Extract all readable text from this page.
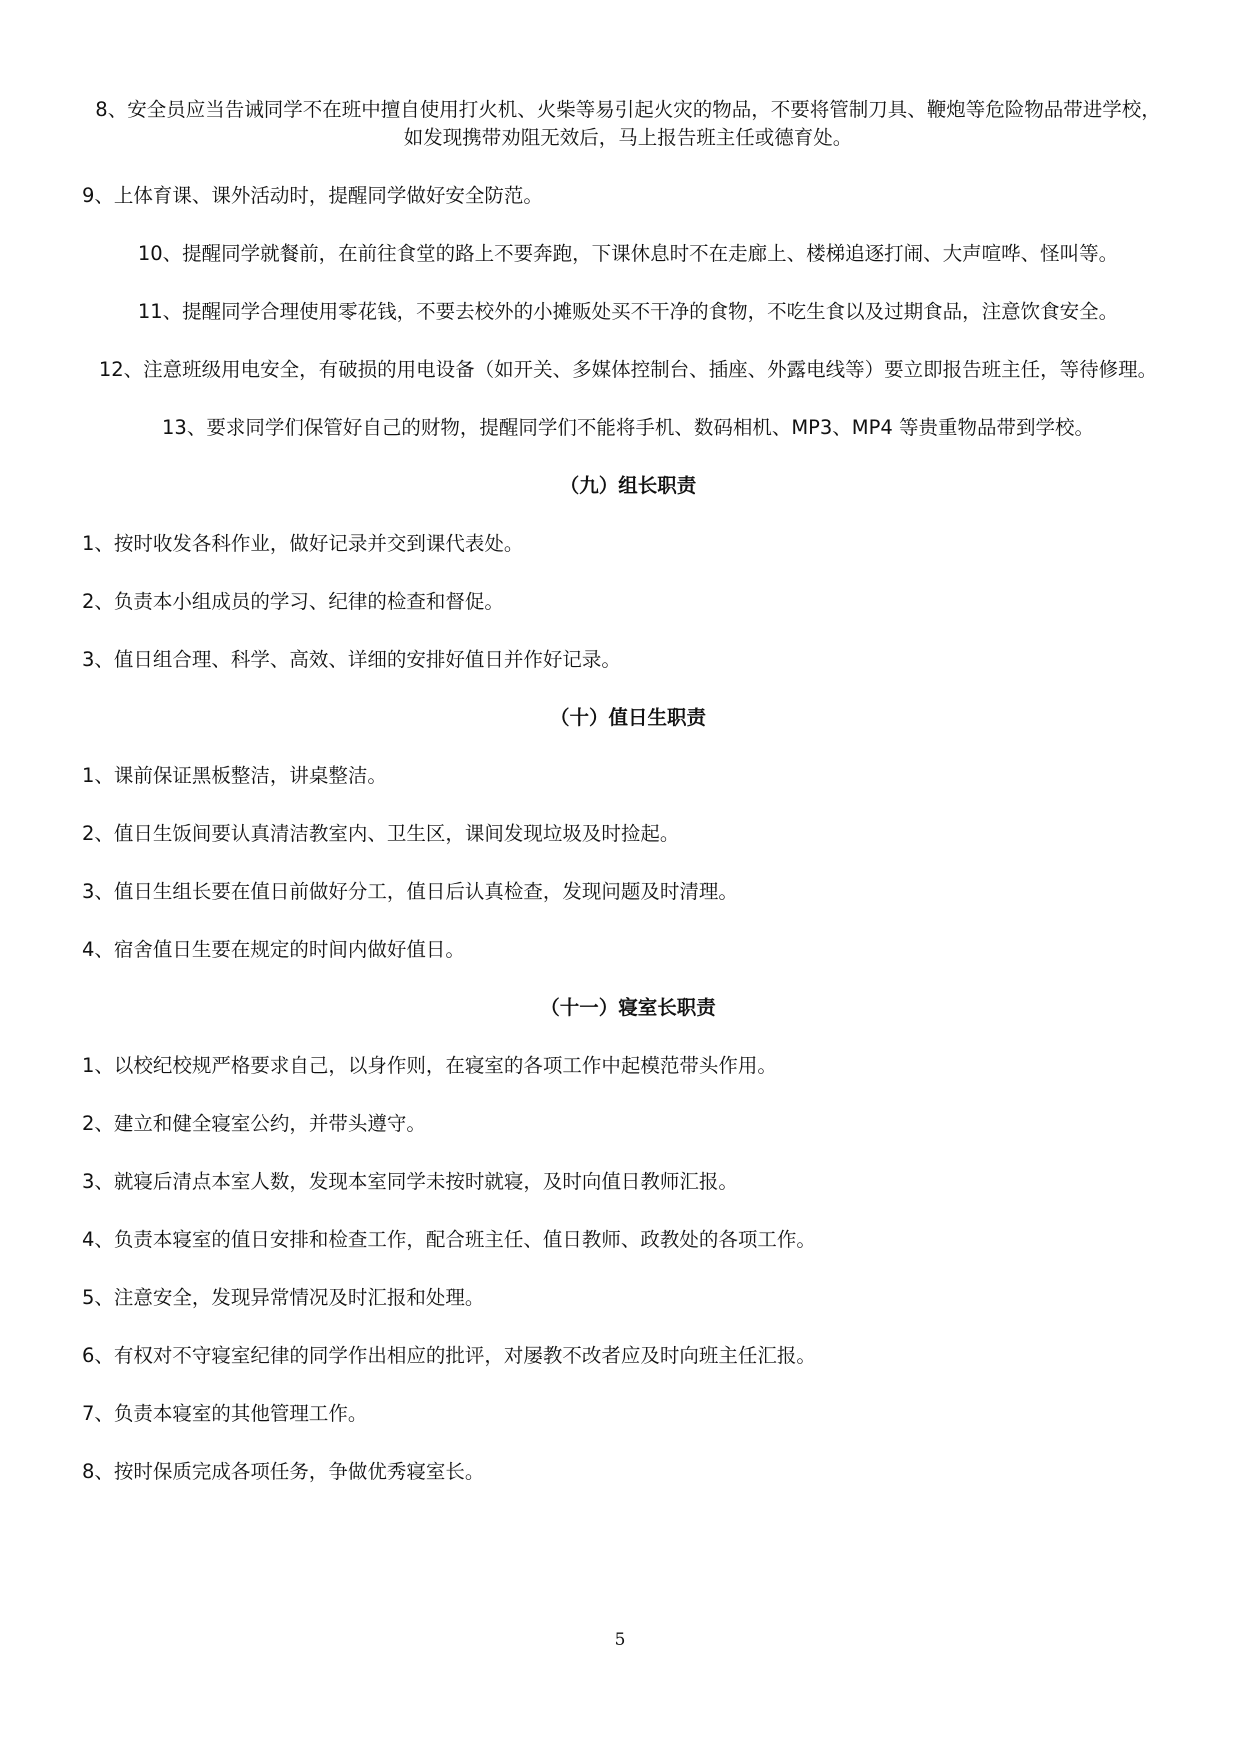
8、安全员应当告诫同学不在班中擅自使用打火机、火柴等易引起火灾的物品，不要将管制刀具、鞭炮等危险物品带进学校，如发现携带劝阻无效后，马上报告班主任或德育处。

9、上体育课、课外活动时，提醒同学做好安全防范。

10、提醒同学就餐前，在前往食堂的路上不要奔跑，下课休息时不在走廊上、楼梯追逐打闹、大声喧哗、怪叫等。

11、提醒同学合理使用零花钱，不要去校外的小摊贩处买不干净的食物，不吃生食以及过期食品，注意饮食安全。

12、注意班级用电安全，有破损的用电设备（如开关、多媒体控制台、插座、外露电线等）要立即报告班主任，等待修理。

13、要求同学们保管好自己的财物，提醒同学们不能将手机、数码相机、MP3、MP4 等贵重物品带到学校。

（九）组长职责

1、按时收发各科作业，做好记录并交到课代表处。

2、负责本小组成员的学习、纪律的检查和督促。

3、值日组合理、科学、高效、详细的安排好值日并作好记录。

（十）值日生职责

1、课前保证黑板整洁，讲桌整洁。

2、值日生饭间要认真清洁教室内、卫生区，课间发现垃圾及时捡起。

3、值日生组长要在值日前做好分工，值日后认真检查，发现问题及时清理。

4、宿舍值日生要在规定的时间内做好值日。

（十一）寝室长职责

1、以校纪校规严格要求自己，以身作则，在寝室的各项工作中起模范带头作用。

2、建立和健全寝室公约，并带头遵守。

3、就寝后清点本室人数，发现本室同学未按时就寝，及时向值日教师汇报。

4、负责本寝室的值日安排和检查工作，配合班主任、值日教师、政教处的各项工作。

5、注意安全，发现异常情况及时汇报和处理。

6、有权对不守寝室纪律的同学作出相应的批评，对屡教不改者应及时向班主任汇报。

7、负责本寝室的其他管理工作。

8、按时保质完成各项任务，争做优秀寝室长。

5
